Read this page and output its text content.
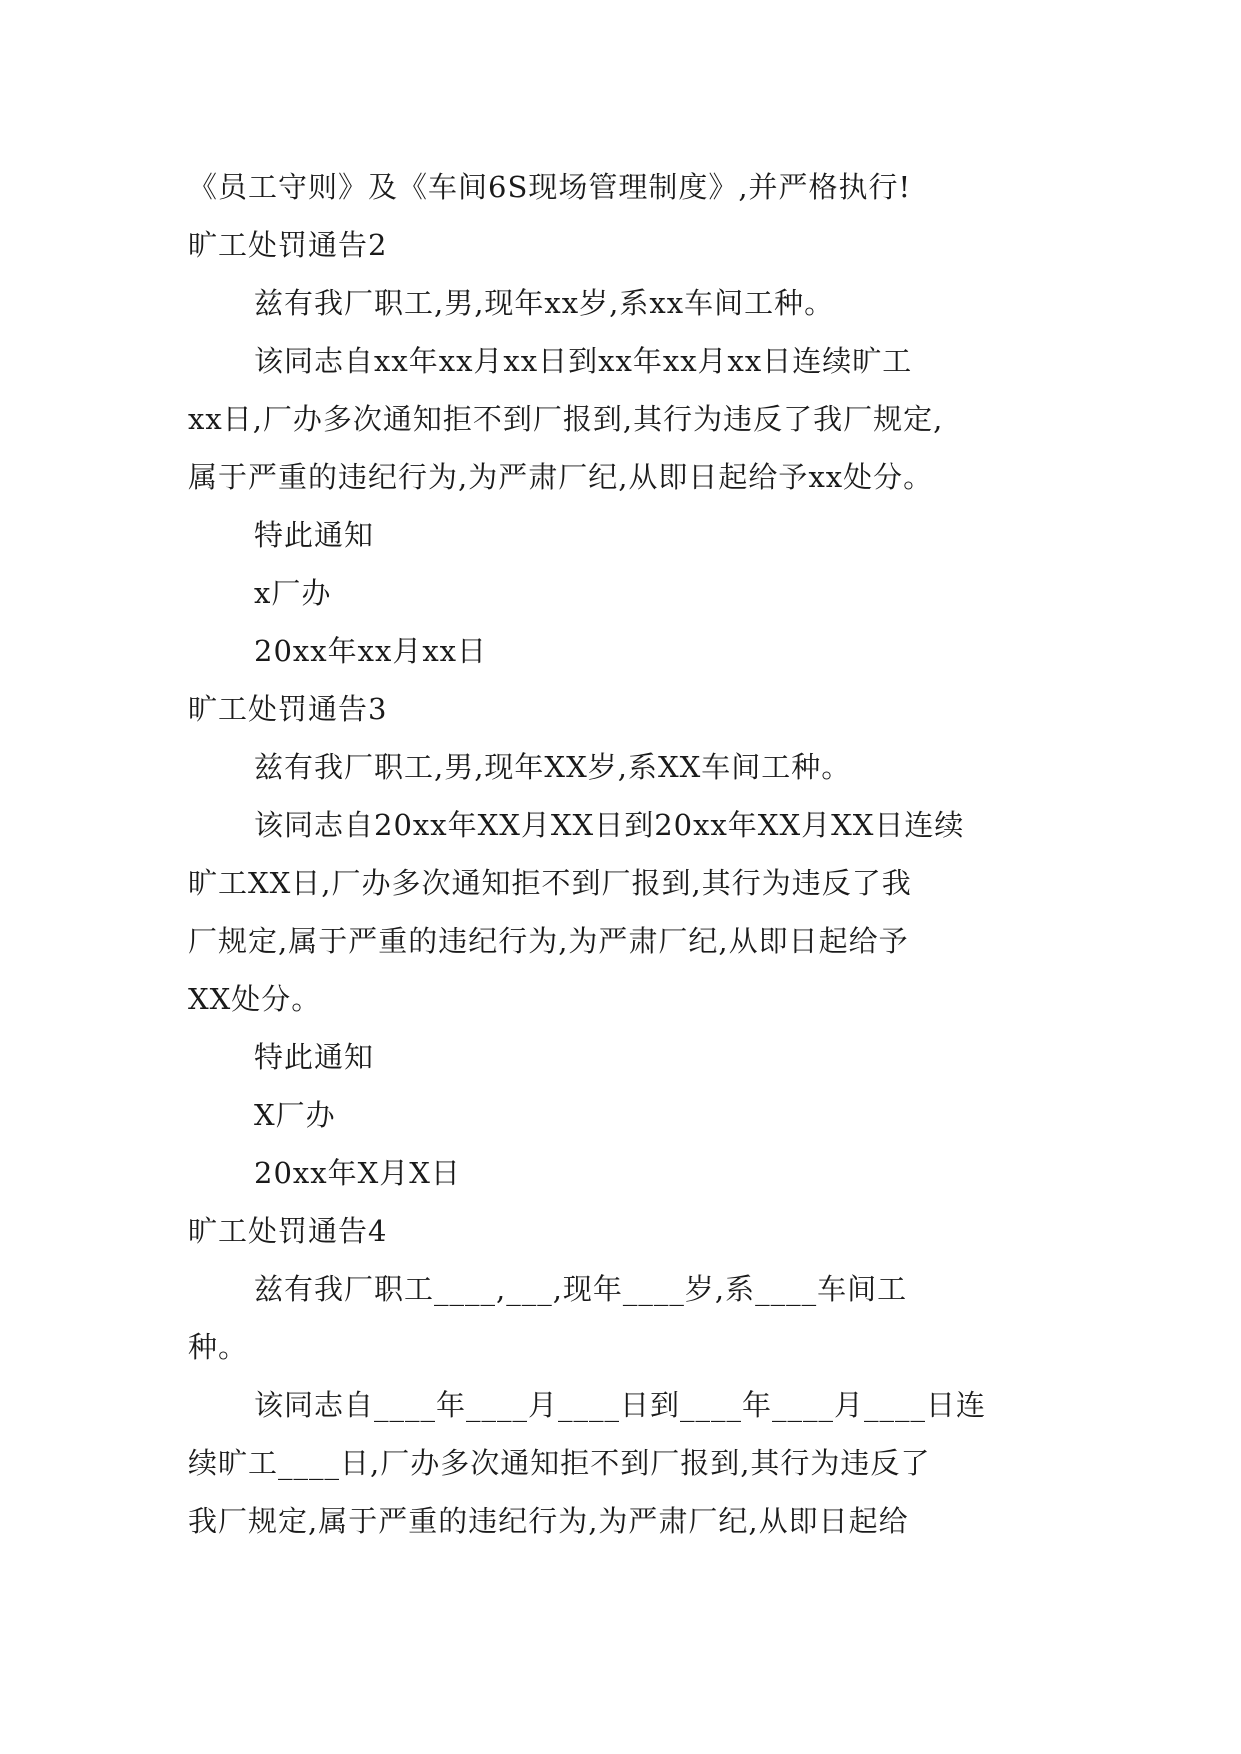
《员工守则》及《车间6S现场管理制度》,并严格执行!
旷工处罚通告2
兹有我厂职工,男,现年xx岁,系xx车间工种。
该同志自xx年xx月xx日到xx年xx月xx日连续旷工
xx日,厂办多次通知拒不到厂报到,其行为违反了我厂规定,
属于严重的违纪行为,为严肃厂纪,从即日起给予xx处分。
特此通知
x厂办
20xx年xx月xx日
旷工处罚通告3
兹有我厂职工,男,现年XX岁,系XX车间工种。
该同志自20xx年XX月XX日到20xx年XX月XX日连续
旷工XX日,厂办多次通知拒不到厂报到,其行为违反了我
厂规定,属于严重的违纪行为,为严肃厂纪,从即日起给予
XX处分。
特此通知
X厂办
20xx年X月X日
旷工处罚通告4
兹有我厂职工____,___,现年____岁,系____车间工
种。
该同志自____年____月____日到____年____月____日连
续旷工____日,厂办多次通知拒不到厂报到,其行为违反了
我厂规定,属于严重的违纪行为,为严肃厂纪,从即日起给
